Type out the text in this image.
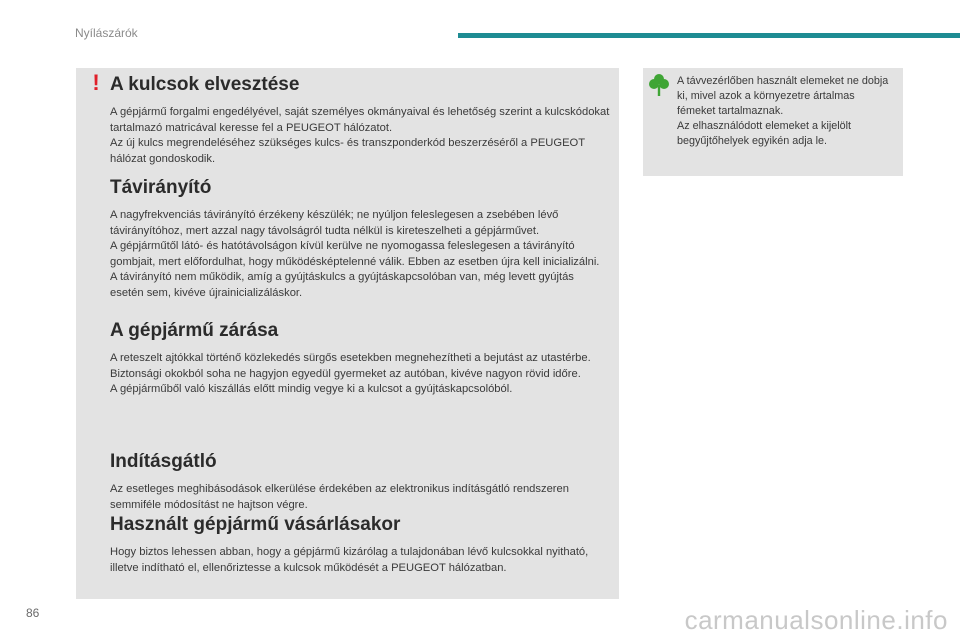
Nyílászárók
! A kulcsok elvesztése

A gépjármű forgalmi engedélyével, saját személyes okmányaival és lehetőség szerint a kulcskódokat tartalmazó matricával keresse fel a PEUGEOT hálózatot.
Az új kulcs megrendeléséhez szükséges kulcs- és transzponderkód beszerzéséről a PEUGEOT hálózat gondoskodik.

Távirányító

A nagyfrekvenciás távirányító érzékeny készülék; ne nyúljon feleslegesen a zsebében lévő távirányítóhoz, mert azzal nagy távolságról tudta nélkül is kireteszelheti a gépjárművet.
A gépjárműtől látó- és hatótávolságon kívül kerülve ne nyomogassa feleslegesen a távirányító gombjait, mert előfordulhat, hogy működésképtelenné válik. Ebben az esetben újra kell inicializálni.
A távirányító nem működik, amíg a gyújtáskulcs a gyújtáskapcsolóban van, még levett gyújtás esetén sem, kivéve újrainicializáláskor.

A gépjármű zárása

A reteszelt ajtókkal történő közlekedés sürgős esetekben megnehezítheti a bejutást az utastérbe.
Biztonsági okokból soha ne hagyjon egyedül gyermeket az autóban, kivéve nagyon rövid időre.
A gépjárműből való kiszállás előtt mindig vegye ki a kulcsot a gyújtáskapcsolóból.

Indításgátló

Az esetleges meghibásodások elkerülése érdekében az elektronikus indításgátló rendszeren semmiféle módosítást ne hajtson végre.

Használt gépjármű vásárlásakor

Hogy biztos lehessen abban, hogy a gépjármű kizárólag a tulajdonában lévő kulcsokkal nyitható, illetve indítható el, ellenőriztesse a kulcsok működését a PEUGEOT hálózatban.

A távvezérlőben használt elemeket ne dobja ki, mivel azok a környezetre ártalmas fémeket tartalmaznak.
Az elhasználódott elemeket a kijelölt begyűjtőhelyek egyikén adja le.

86	carmanualsonline.info
